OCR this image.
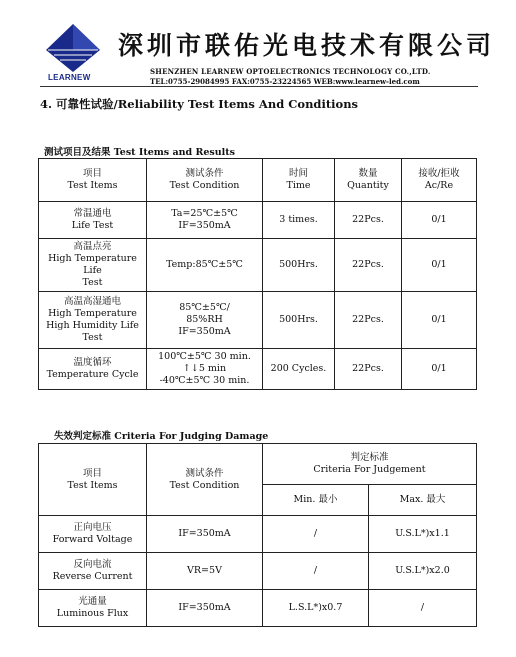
LEARNEW
深圳市联佑光电技术有限公司
SHENZHEN LEARNEW OPTOELECTRONICS TECHNOLOGY CO.,LTD.
TEL:0755-29084995 FAX:0755-23224565 WEB:www.learnew-led.com
4. 可靠性试验/Reliability Test Items And Conditions
测试项目及结果 Test Items and Results
项目
Test Items	测试条件
Test Condition	时间
Time	数量
Quantity	接收/拒收
Ac/Re

常温通电
Life Test	Ta=25℃±5℃
IF=350mA	3 times.	22Pcs.	0/1

高温点亮
High Temperature Life
Test	Temp:85℃±5℃	500Hrs.	22Pcs.	0/1

高温高湿通电
High Temperature
High Humidity Life
Test	85℃±5℃/
85%RH
IF=350mA	500Hrs.	22Pcs.	0/1

温度循环
Temperature Cycle	100℃±5℃ 30 min.
↑↓5 min
-40℃±5℃ 30 min.	200 Cycles.	22Pcs.	0/1
失效判定标准 Criteria For Judging Damage
项目
Test Items	测试条件
Test Condition	判定标准
Criteria For Judgement	

		Min. 最小	Max. 最大

正向电压
Forward Voltage	IF=350mA	/	U.S.L*)x1.1

反向电流
Reverse Current	VR=5V	/	U.S.L*)x2.0

光通量
Luminous Flux	IF=350mA	L.S.L*)x0.7	/
